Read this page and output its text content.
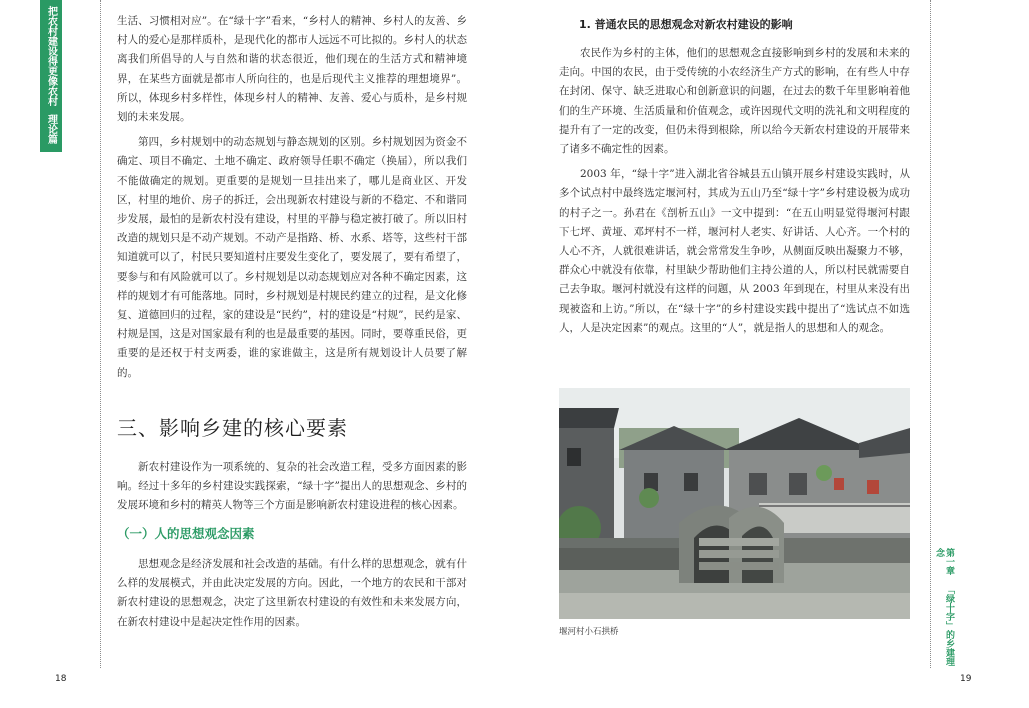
把农村建设得更像农村
理论篇

生活、习惯相对应”。在“绿十字”看来，“乡村人的精神、乡村人的友善、乡村人的爱心是那样质朴，是现代化的都市人远远不可比拟的。乡村人的状态离我们所倡导的人与自然和谐的状态很近，他们现在的生活方式和精神境界，在某些方面就是都市人所向往的，也是后现代主义推荐的理想境界”。所以，体现乡村多样性，体现乡村人的精神、友善、爱心与质朴，是乡村规划的未来发展。

第四，乡村规划中的动态规划与静态规划的区别。乡村规划因为资金不确定、项目不确定、土地不确定、政府领导任职不确定（换届），所以我们不能做确定的规划。更重要的是规划一旦挂出来了，哪儿是商业区、开发区，村里的地价、房子的拆迁，会出现新农村建设与新的不稳定、不和谐同步发展，最怕的是新农村没有建设，村里的平静与稳定被打破了。所以旧村改造的规划只是不动产规划。不动产是指路、桥、水系、塔等，这些村干部知道就可以了，村民只要知道村庄要发生变化了，要发展了，要有希望了，要参与和有风险就可以了。乡村规划是以动态规划应对各种不确定因素，这样的规划才有可能落地。同时，乡村规划是村规民约建立的过程，是文化修复、道德回归的过程，家的建设是“民约”，村的建设是“村规”，民约是家、村规是国，这是对国家最有利的也是最重要的基因。同时，要尊重民俗，更重要的是还权于村支两委，谁的家谁做主，这是所有规划设计人员要了解的。

三、影响乡建的核心要素

新农村建设作为一项系统的、复杂的社会改造工程，受多方面因素的影响。经过十多年的乡村建设实践探索，“绿十字”提出人的思想观念、乡村的发展环境和乡村的精英人物等三个方面是影响新农村建设进程的核心因素。

（一）人的思想观念因素

思想观念是经济发展和社会改造的基础。有什么样的思想观念，就有什么样的发展模式，并由此决定发展的方向。因此，一个地方的农民和干部对新农村建设的思想观念，决定了这里新农村建设的有效性和未来发展方向，在新农村建设中是起决定性作用的因素。

18
1. 普通农民的思想观念对新农村建设的影响

农民作为乡村的主体，他们的思想观念直接影响到乡村的发展和未来的走向。中国的农民，由于受传统的小农经济生产方式的影响，在有些人中存在封闭、保守、缺乏进取心和创新意识的问题，在过去的数千年里影响着他们的生产环境、生活质量和价值观念，或许因现代文明的洗礼和文明程度的提升有了一定的改变，但仍未得到根除，所以给今天新农村建设的开展带来了诸多不确定性的因素。

2003 年，“绿十字”进入湖北省谷城县五山镇开展乡村建设实践时，从多个试点村中最终选定堰河村，其成为五山乃至“绿十字”乡村建设极为成功的村子之一。孙君在《剖析五山》一文中提到：“在五山明显觉得堰河村跟下七坪、黄垭、邓坪村不一样，堰河村人老实、好讲话、人心齐。一个村的人心不齐，人就很难讲话，就会常常发生争吵，从侧面反映出凝聚力不够，群众心中就没有依靠，村里缺少帮助他们主持公道的人，所以村民就需要自己去争取。堰河村就没有这样的问题，从 2003 年到现在，村里从来没有出现被盗和上访。”所以，在“绿十字”的乡村建设实践中提出了“选试点不如选人，人是决定因素”的观点。这里的“人”，就是指人的思想和人的观念。

堰河村小石拱桥	第一章 「绿十字」的乡建理念
19
